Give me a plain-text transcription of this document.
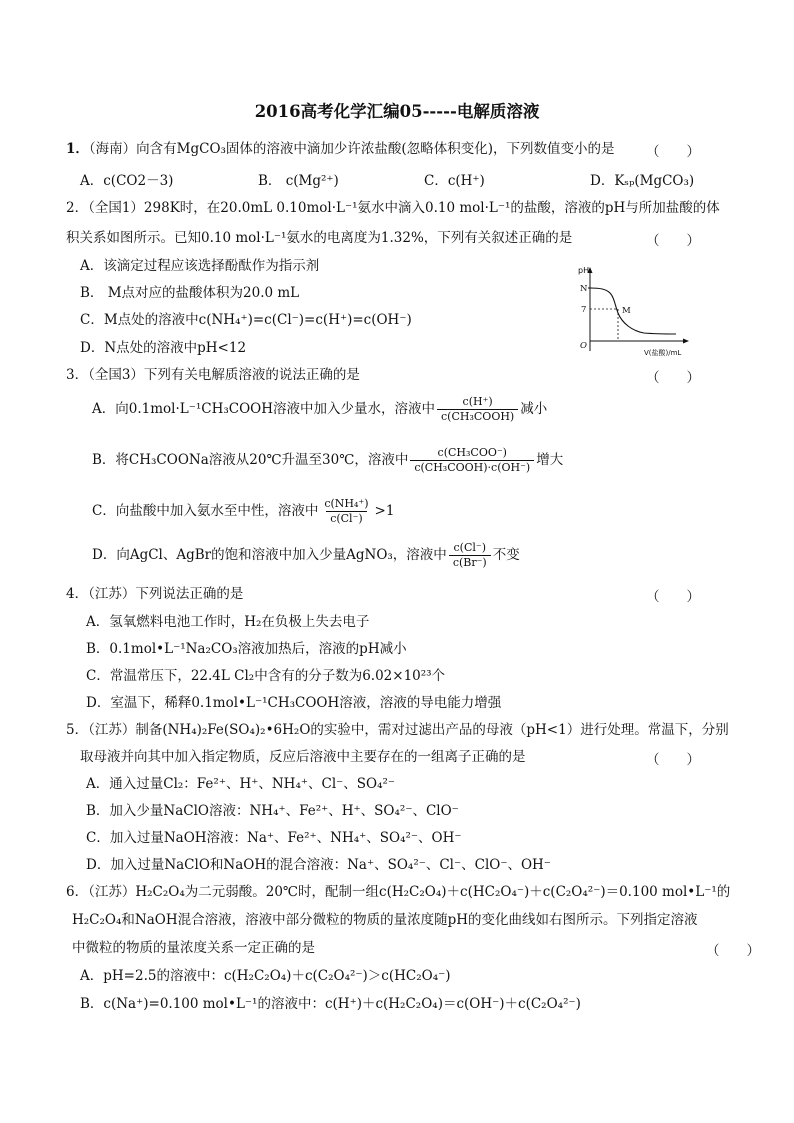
2016高考化学汇编05-----电解质溶液
1．（海南）向含有MgCO₃固体的溶液中滴加少许浓盐酸(忽略体积变化)，下列数值变小的是 （　　）
A．c(CO2－3)	B． c(Mg²⁺)	C．c(H⁺)	D．Kₛₚ(MgCO₃)
2．（全国1）298K时，在20.0mL 0.10mol·L⁻¹氨水中滴入0.10 mol·L⁻¹的盐酸，溶液的pH与所加盐酸的体
积关系如图所示。已知0.10 mol·L⁻¹氨水的电离度为1.32%，下列有关叙述正确的是	（　　）
A．该滴定过程应该选择酚酞作为指示剂
B． M点对应的盐酸体积为20.0 mL
C．M点处的溶液中c(NH₄⁺)=c(Cl⁻)=c(H⁺)=c(OH⁻)
D．N点处的溶液中pH<12
pH
N
7	M
O
V(盐酸)/mL
3．（全国3）下列有关电解质溶液的说法正确的是	（　　）
A．向0.1mol·L⁻¹CH₃COOH溶液中加入少量水，溶液中 $\frac{c(H^+)}{\text{c(CH₃COOH)}}$ 减小
B．将CH₃COONa溶液从20℃升温至30℃，溶液中 $\frac{\text{c(CH₃COO⁻)}}{\text{c(CH₃COOH)·c(OH⁻)}}$ 增大
C．向盐酸中加入氨水至中性，溶液中 $\frac{\text{c(NH₄⁺)}}{c(Cl^-)} >1$
D．向AgCl、AgBr的饱和溶液中加入少量AgNO₃，溶液中 $\frac{c(Cl^-)}{c(Br^-)}$ 不变
4．（江苏）下列说法正确的是	（　　）
A．氢氧燃料电池工作时，H₂在负极上失去电子
B．0.1mol•L⁻¹Na₂CO₃溶液加热后，溶液的pH减小
C．常温常压下，22.4L Cl₂中含有的分子数为6.02×10²³个
D．室温下，稀释0.1mol•L⁻¹CH₃COOH溶液，溶液的导电能力增强
5．（江苏）制备(NH₄)₂Fe(SO₄)₂•6H₂O的实验中，需对过滤出产品的母液（pH<1）进行处理。常温下，分别
取母液并向其中加入指定物质，反应后溶液中主要存在的一组离子正确的是	（　　）
A．通入过量Cl₂：Fe²⁺、H⁺、NH₄⁺、Cl⁻、SO₄²⁻
B．加入少量NaClO溶液：NH₄⁺、Fe²⁺、H⁺、SO₄²⁻、ClO⁻
C．加入过量NaOH溶液：Na⁺、Fe²⁺、NH₄⁺、SO₄²⁻、OH⁻
D．加入过量NaClO和NaOH的混合溶液：Na⁺、SO₄²⁻、Cl⁻、ClO⁻、OH⁻
6．（江苏）H₂C₂O₄为二元弱酸。20℃时，配制一组c(H₂C₂O₄)＋c(HC₂O₄⁻)＋c(C₂O₄²⁻)＝0.100 mol•L⁻¹的
H₂C₂O₄和NaOH混合溶液，溶液中部分微粒的物质的量浓度随pH的变化曲线如右图所示。下列指定溶液
中微粒的物质的量浓度关系一定正确的是	（　　）
A．pH=2.5的溶液中：c(H₂C₂O₄)＋c(C₂O₄²⁻)＞c(HC₂O₄⁻)
B．c(Na⁺)=0.100 mol•L⁻¹的溶液中：c(H⁺)＋c(H₂C₂O₄)＝c(OH⁻)＋c(C₂O₄²⁻)
